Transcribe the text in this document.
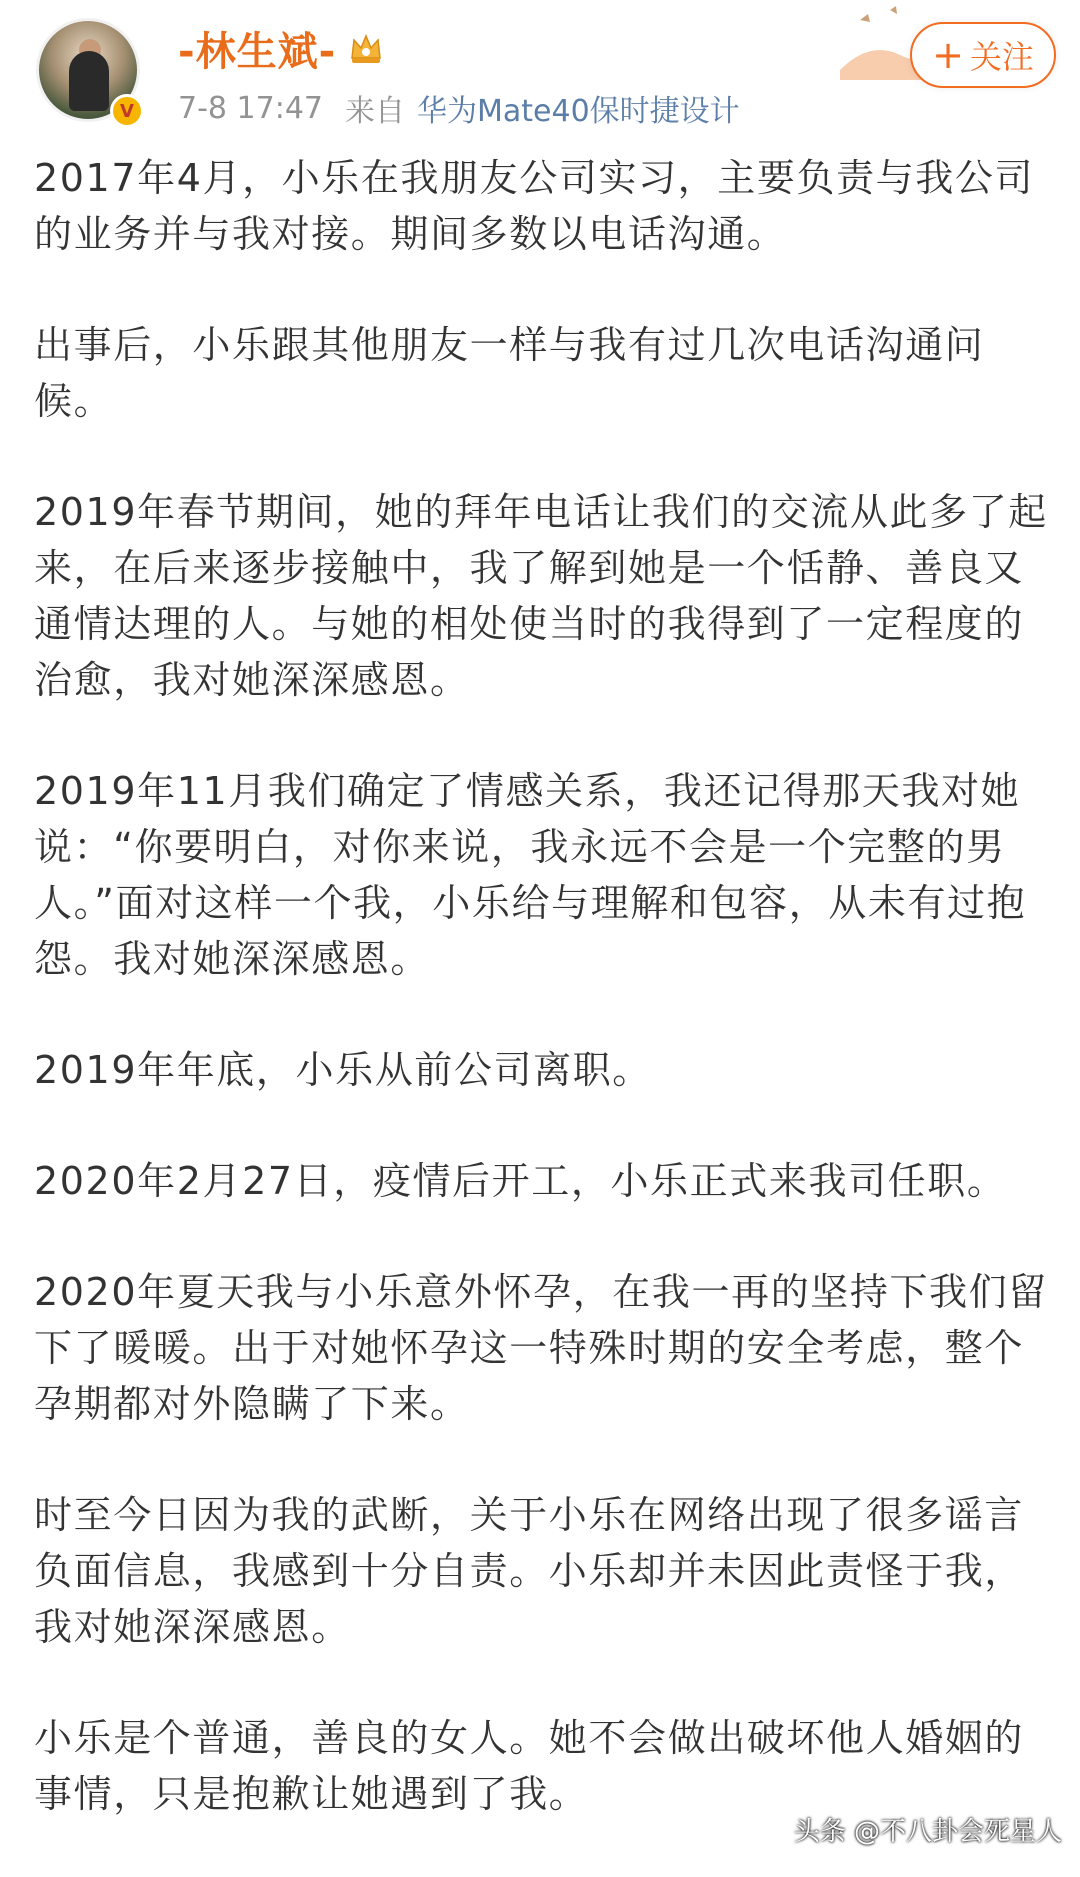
V
-林生斌-
7-8 17:47 来自 华为Mate40保时捷设计
+ 关注

2017年4月，小乐在我朋友公司实习，主要负责与我公司的业务并与我对接。期间多数以电话沟通。

出事后，小乐跟其他朋友一样与我有过几次电话沟通问候。

2019年春节期间，她的拜年电话让我们的交流从此多了起来，在后来逐步接触中，我了解到她是一个恬静、善良又通情达理的人。与她的相处使当时的我得到了一定程度的治愈，我对她深深感恩。

2019年11月我们确定了情感关系，我还记得那天我对她说：“你要明白，对你来说，我永远不会是一个完整的男人。”面对这样一个我，小乐给与理解和包容，从未有过抱怨。我对她深深感恩。

2019年年底，小乐从前公司离职。

2020年2月27日，疫情后开工，小乐正式来我司任职。

2020年夏天我与小乐意外怀孕，在我一再的坚持下我们留下了暖暖。出于对她怀孕这一特殊时期的安全考虑，整个孕期都对外隐瞒了下来。

时至今日因为我的武断，关于小乐在网络出现了很多谣言负面信息，我感到十分自责。小乐却并未因此责怪于我，我对她深深感恩。

小乐是个普通，善良的女人。她不会做出破坏他人婚姻的事情，只是抱歉让她遇到了我。

头条 @不八卦会死星人
